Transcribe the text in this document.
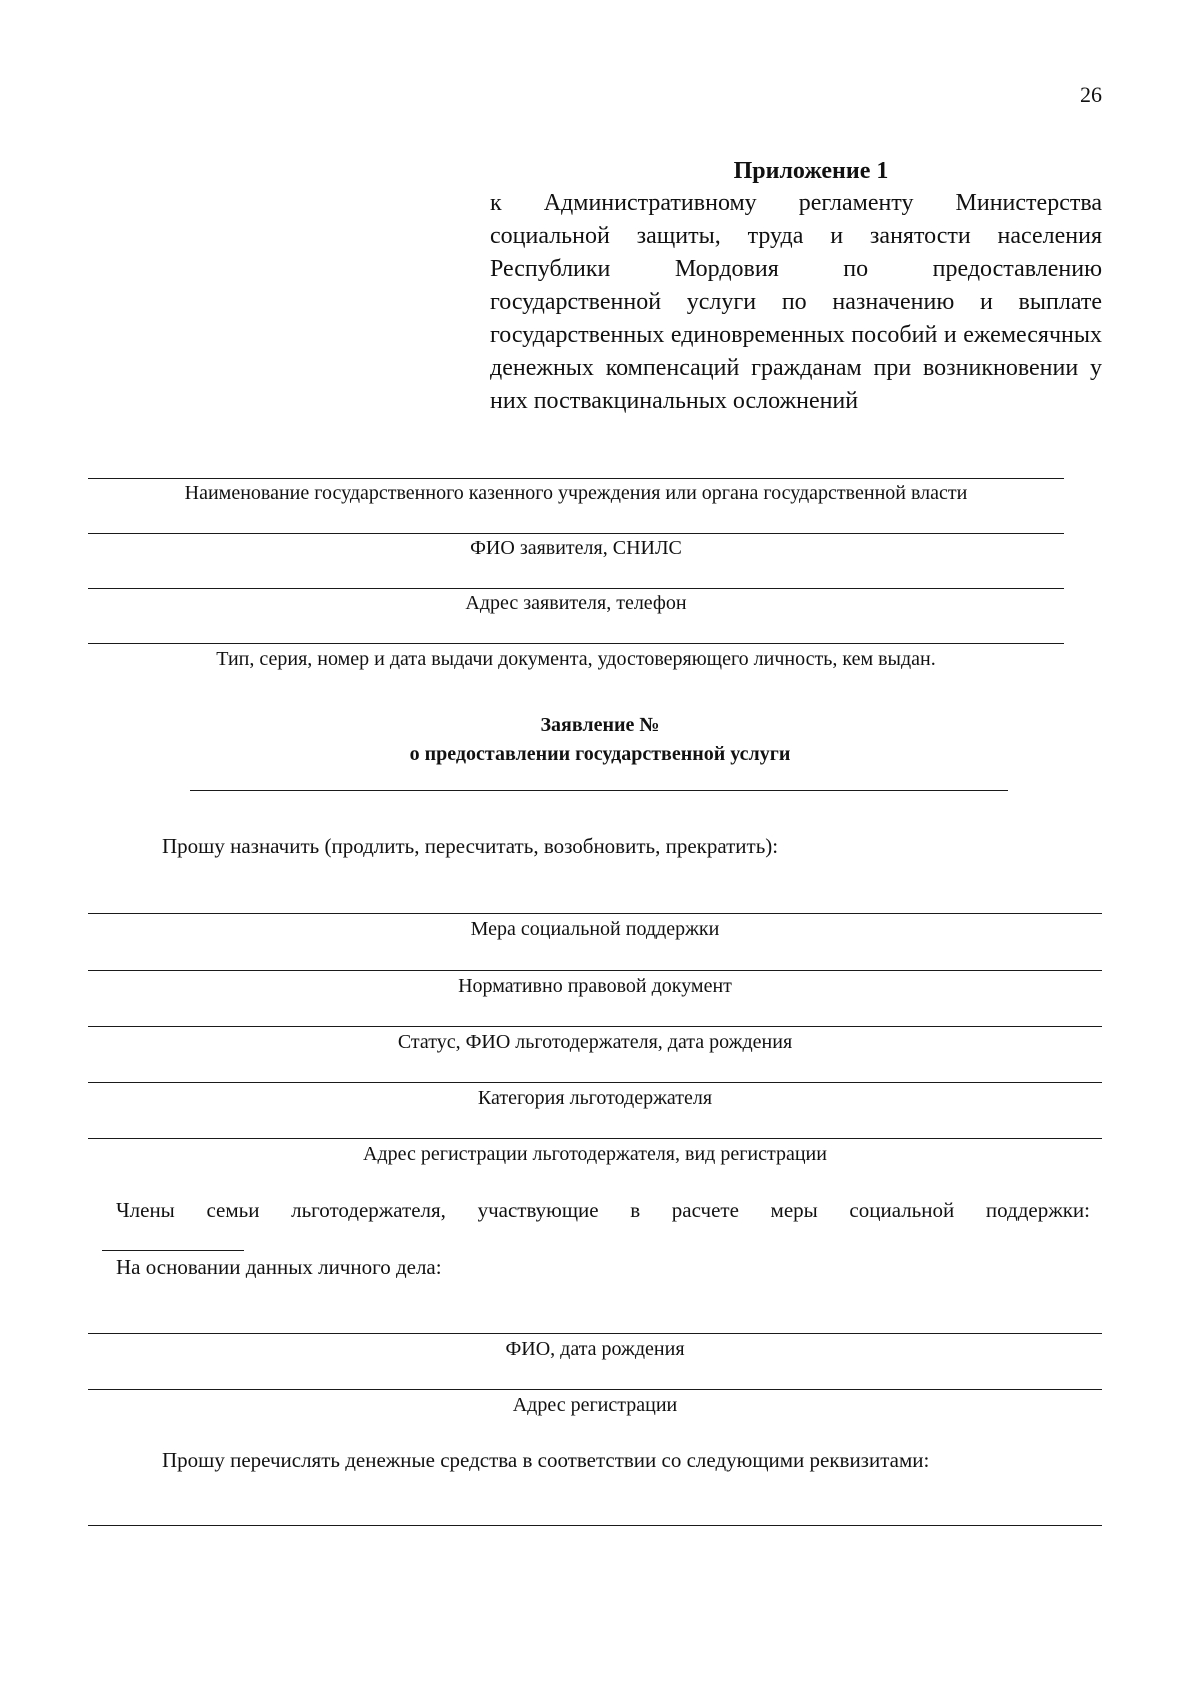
26
Приложение 1
к Административному регламенту Министерства социальной защиты, труда и занятости населения Республики Мордовия по предоставлению государственной услуги по назначению и выплате государственных единовременных пособий и ежемесячных денежных компенсаций гражданам при возникновении у них поствакцинальных осложнений
Наименование государственного казенного учреждения или органа государственной власти
ФИО заявителя, СНИЛС
Адрес заявителя, телефон
Тип, серия, номер и дата выдачи документа, удостоверяющего личность, кем выдан.
Заявление №
о предоставлении государственной услуги
Прошу назначить (продлить, пересчитать, возобновить, прекратить):
Мера социальной поддержки
Нормативно правовой документ
Статус, ФИО льготодержателя, дата рождения
Категория льготодержателя
Адрес регистрации льготодержателя, вид регистрации
Члены семьи льготодержателя, участвующие в расчете меры социальной поддержки:
На основании данных личного дела:
ФИО, дата рождения
Адрес регистрации
Прошу перечислять денежные средства в соответствии со следующими реквизитами:
